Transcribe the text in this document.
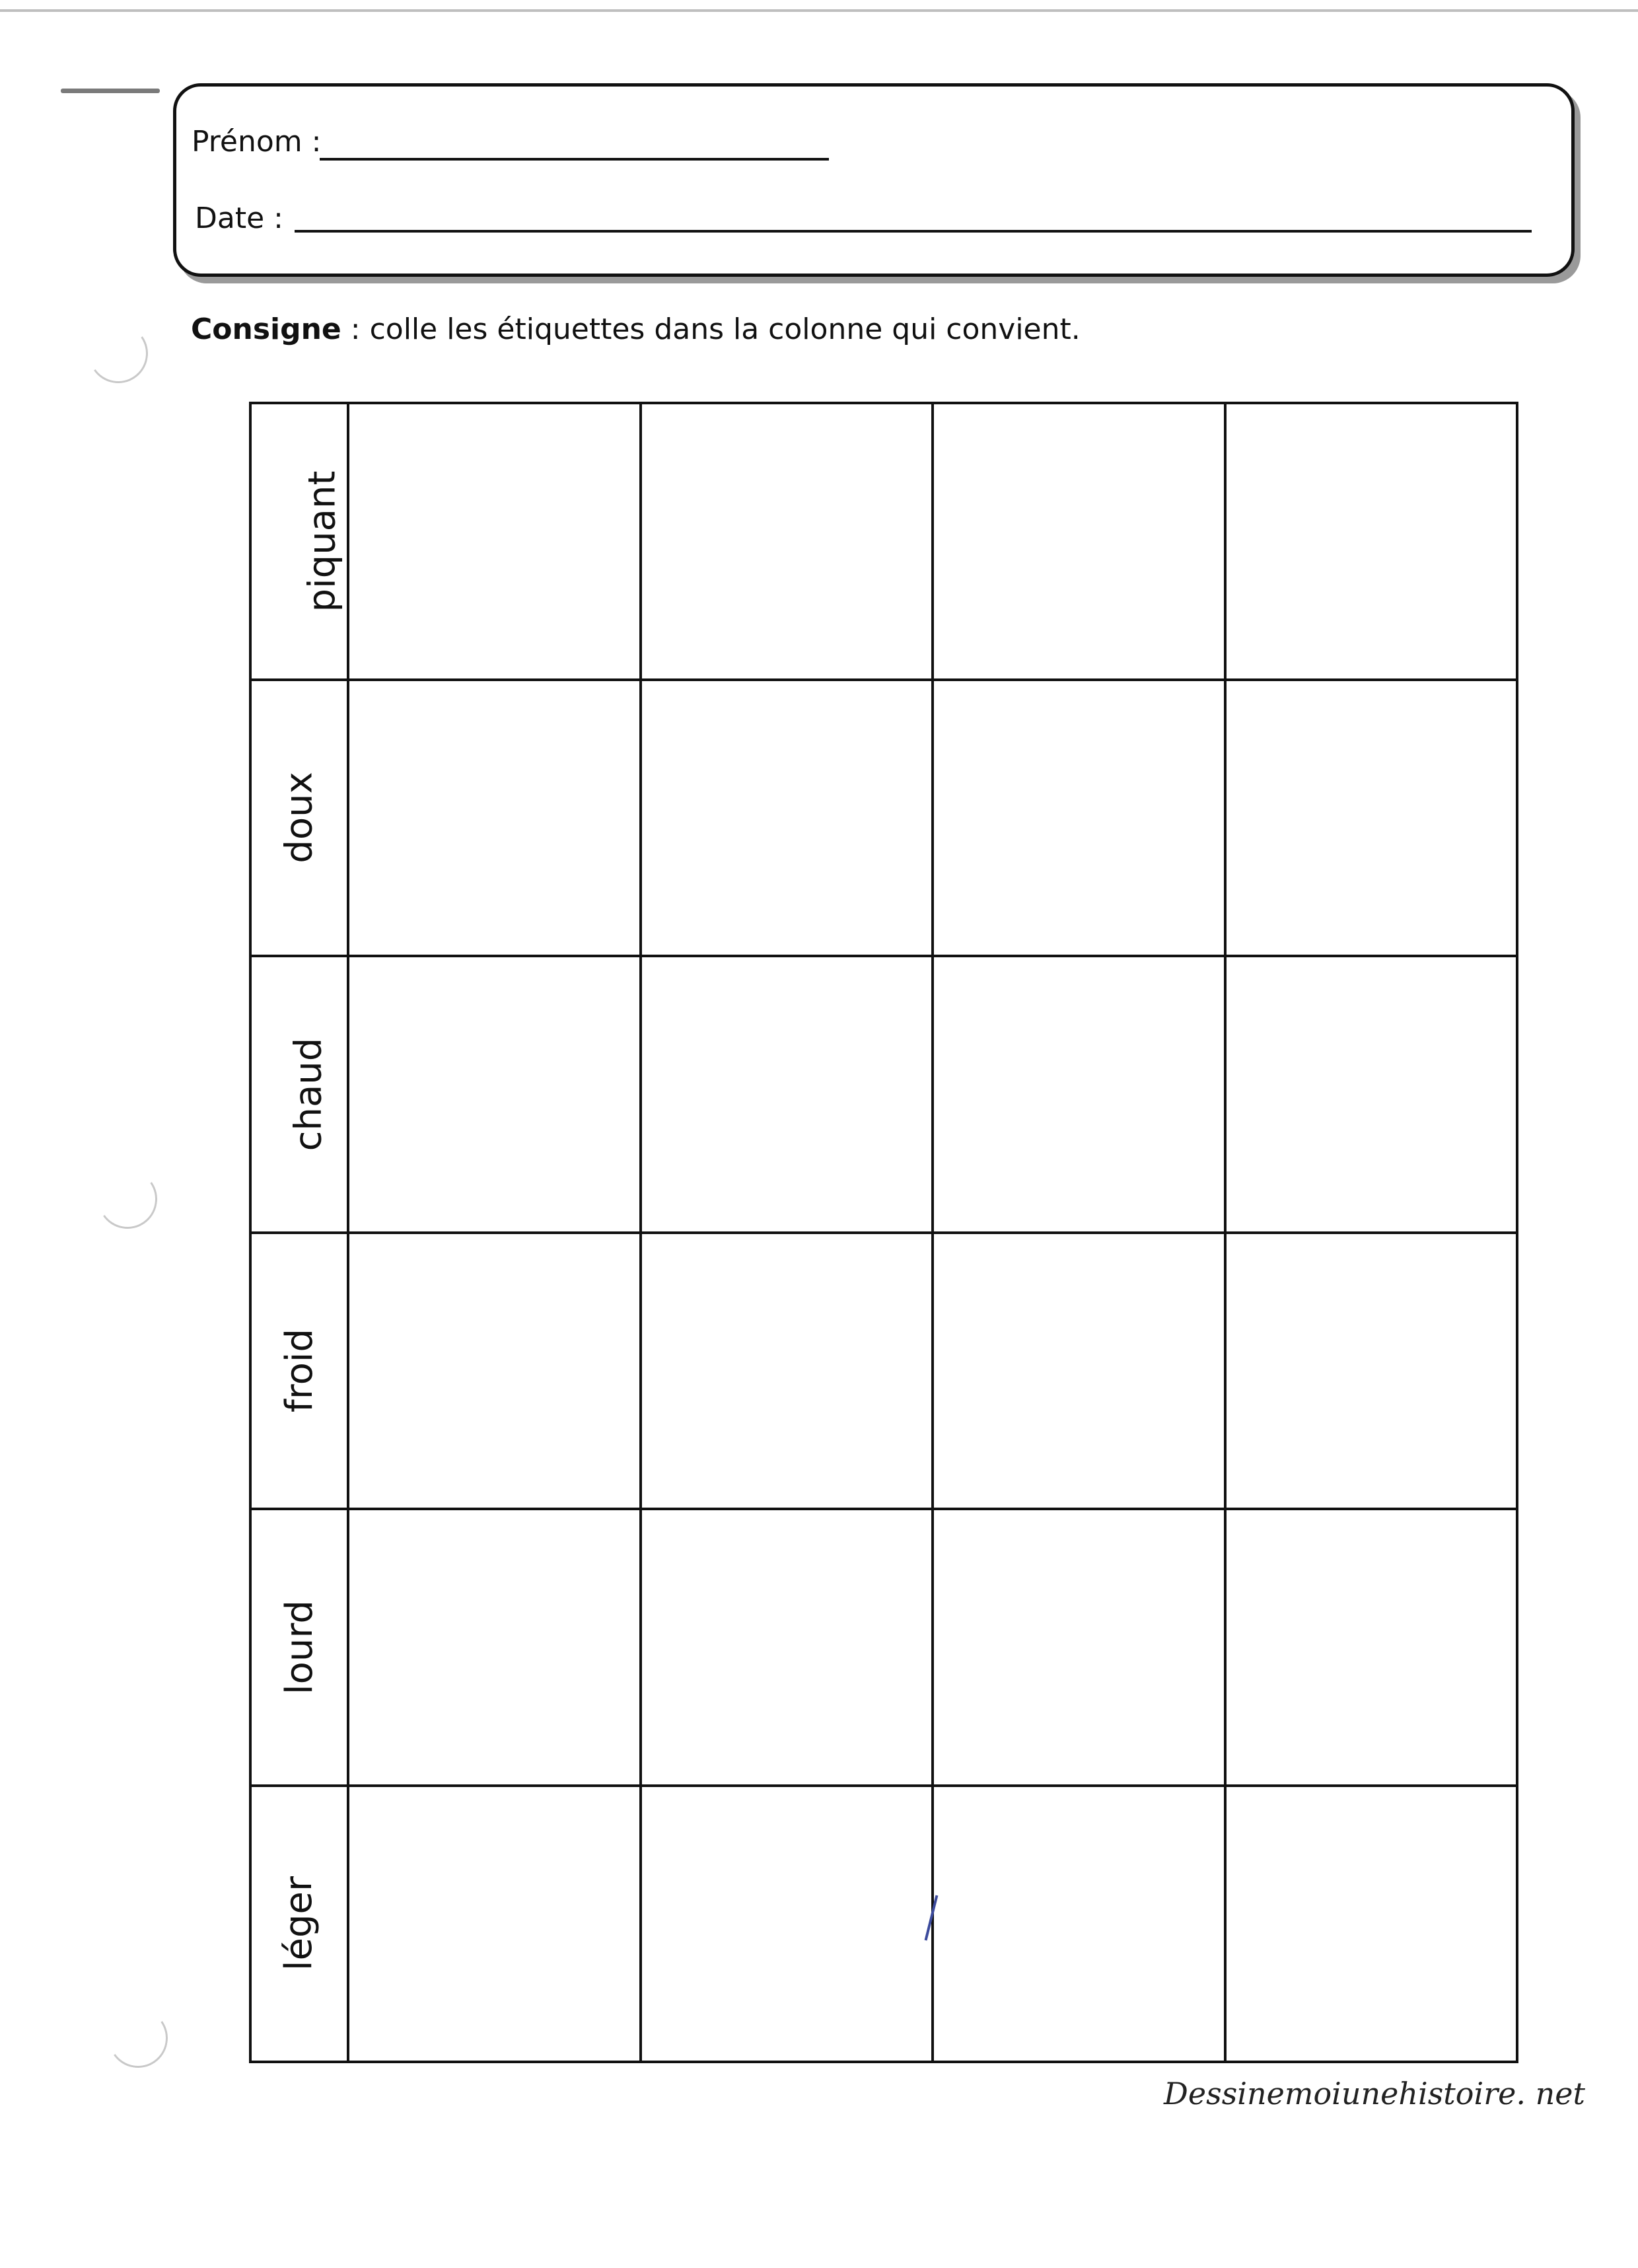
Prénom :
Date :
Consigne : colle les étiquettes dans la colonne qui convient.
piquant				
doux				
chaud				
froid				
lourd				
léger				
Dessinemoiunehistoire. net
